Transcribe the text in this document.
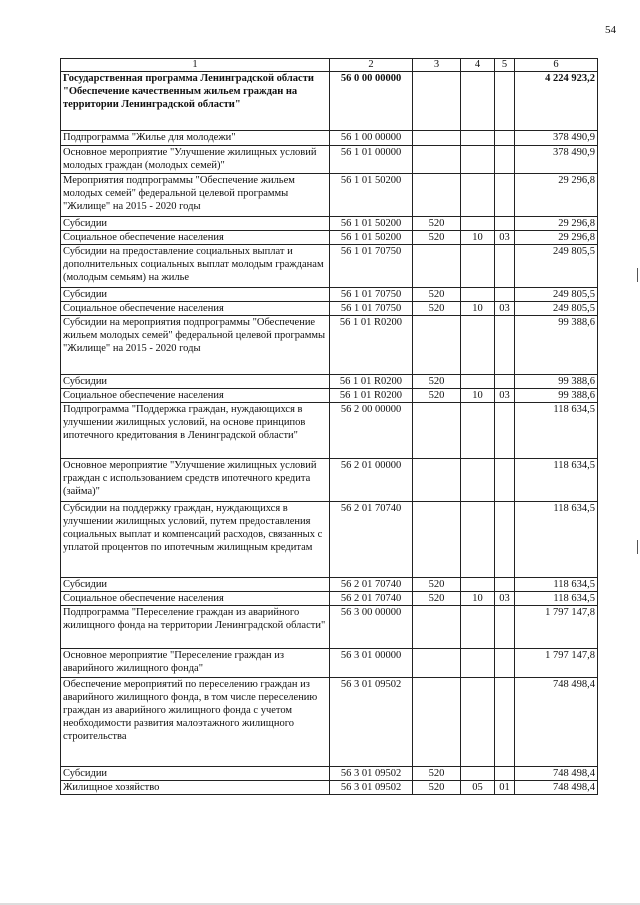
54
1	2	3	4	5	6
Государственная программа Ленинградской области "Обеспечение качественным жильем граждан на территории Ленинградской области"	56 0 00 00000				4 224 923,2
Подпрограмма "Жилье для молодежи"	56 1 00 00000				378 490,9
Основное мероприятие "Улучшение жилищных условий молодых граждан (молодых семей)"	56 1 01 00000				378 490,9
Мероприятия подпрограммы "Обеспечение жильем молодых семей" федеральной целевой программы "Жилище" на 2015 - 2020 годы	56 1 01 50200				29 296,8
Субсидии	56 1 01 50200	520			29 296,8
Социальное обеспечение населения	56 1 01 50200	520	10	03	29 296,8
Субсидии на предоставление социальных выплат и дополнительных социальных выплат молодым гражданам (молодым семьям) на жилье	56 1 01 70750				249 805,5
Субсидии	56 1 01 70750	520			249 805,5
Социальное обеспечение населения	56 1 01 70750	520	10	03	249 805,5
Субсидии на мероприятия подпрограммы "Обеспечение жильем молодых семей" федеральной целевой программы "Жилище" на 2015 - 2020 годы	56 1 01 R0200				99 388,6
Субсидии	56 1 01 R0200	520			99 388,6
Социальное обеспечение населения	56 1 01 R0200	520	10	03	99 388,6
Подпрограмма "Поддержка граждан, нуждающихся в улучшении жилищных условий, на основе принципов ипотечного кредитования в Ленинградской области"	56 2 00 00000				118 634,5
Основное мероприятие "Улучшение жилищных условий граждан с использованием средств ипотечного кредита (займа)"	56 2 01 00000				118 634,5
Субсидии на поддержку граждан, нуждающихся в улучшении жилищных условий, путем предоставления социальных выплат и компенсаций расходов, связанных с уплатой процентов по ипотечным жилищным кредитам	56 2 01 70740				118 634,5
Субсидии	56 2 01 70740	520			118 634,5
Социальное обеспечение населения	56 2 01 70740	520	10	03	118 634,5
Подпрограмма "Переселение граждан из аварийного жилищного фонда на территории Ленинградской области"	56 3 00 00000				1 797 147,8
Основное мероприятие "Переселение граждан из аварийного жилищного фонда"	56 3 01 00000				1 797 147,8
Обеспечение мероприятий по переселению граждан из аварийного жилищного фонда, в том числе переселению граждан из аварийного жилищного фонда с учетом необходимости развития малоэтажного жилищного строительства	56 3 01 09502				748 498,4
Субсидии	56 3 01 09502	520			748 498,4
Жилищное хозяйство	56 3 01 09502	520	05	01	748 498,4
